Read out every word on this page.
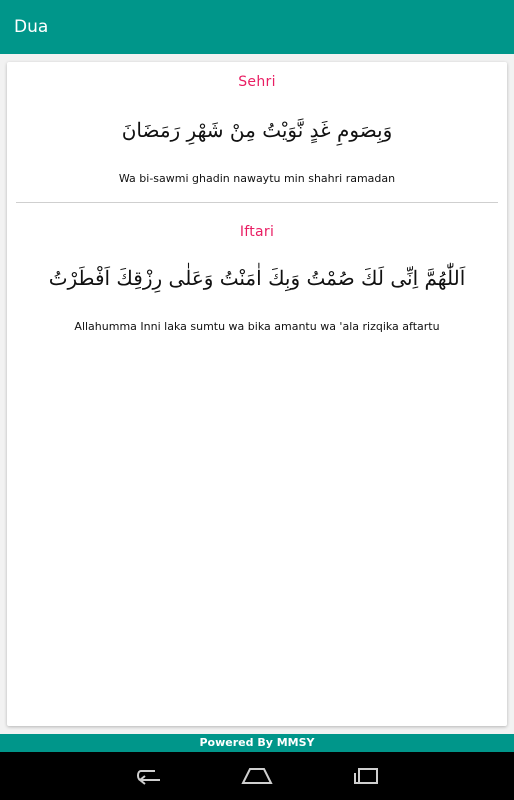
Dua
Sehri
وَبِصَومِ غَدٍ نَّوَيْتُ مِنْ شَهْرِ رَمَضَانَ
Wa bi-sawmi ghadin nawaytu min shahri ramadan
Iftari
اَللّٰهُمَّ اِنِّی لَكَ صُمْتُ وَبِكَ اٰمَنْتُ وَعَلٰى رِزْقِكَ اَفْطَرْتُ
Allahumma Inni laka sumtu wa bika amantu wa 'ala rizqika aftartu
Powered By MMSY
